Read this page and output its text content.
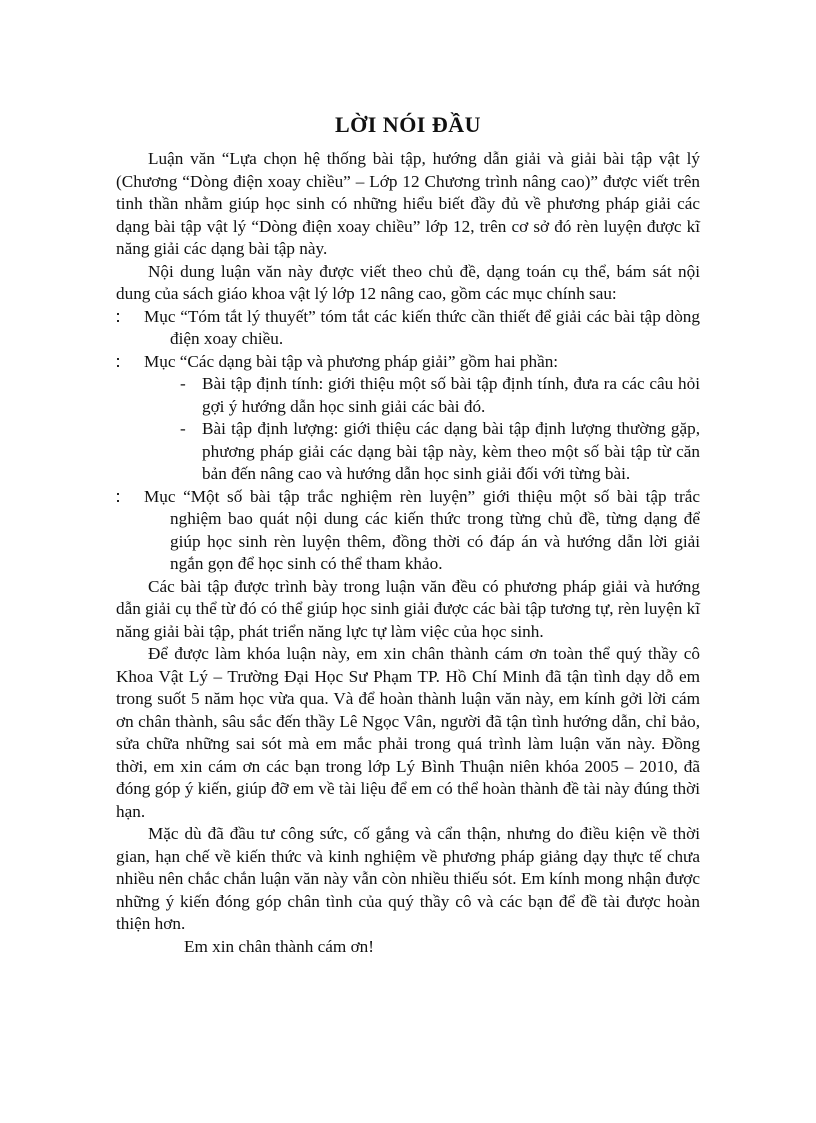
LỜI NÓI ĐẦU

Luận văn “Lựa chọn hệ thống bài tập, hướng dẫn giải và giải bài tập vật lý (Chương “Dòng điện xoay chiều” – Lớp 12 Chương trình nâng cao)” được viết trên tinh thần nhằm giúp học sinh có những hiểu biết đầy đủ về phương pháp giải các dạng bài tập vật lý “Dòng điện xoay chiều” lớp 12, trên cơ sở đó rèn luyện được kĩ năng giải các dạng bài tập này.

Nội dung luận văn này được viết theo chủ đề, dạng toán cụ thể, bám sát nội dung của sách giáo khoa vật lý lớp 12 nâng cao, gồm các mục chính sau:

Mục “Tóm tắt lý thuyết” tóm tắt các kiến thức cần thiết để giải các bài tập dòng điện xoay chiều.
Mục “Các dạng bài tập và phương pháp giải” gồm hai phần:
- Bài tập định tính: giới thiệu một số bài tập định tính, đưa ra các câu hỏi gợi ý hướng dẫn học sinh giải các bài đó.
- Bài tập định lượng: giới thiệu các dạng bài tập định lượng thường gặp, phương pháp giải các dạng bài tập này, kèm theo một số bài tập từ căn bản đến nâng cao và hướng dẫn học sinh giải đối với từng bài.
Mục “Một số bài tập trắc nghiệm rèn luyện” giới thiệu một số bài tập trắc nghiệm bao quát nội dung các kiến thức trong từng chủ đề, từng dạng để giúp học sinh rèn luyện thêm, đồng thời có đáp án và hướng dẫn lời giải ngắn gọn để học sinh có thể tham khảo.

Các bài tập được trình bày trong luận văn đều có phương pháp giải và hướng dẫn giải cụ thể từ đó có thể giúp học sinh giải được các bài tập tương tự, rèn luyện kĩ năng giải bài tập, phát triển năng lực tự làm việc của học sinh.

Để được làm khóa luận này, em xin chân thành cám ơn toàn thể quý thầy cô Khoa Vật Lý – Trường Đại Học Sư Phạm TP. Hồ Chí Minh đã tận tình dạy dỗ em trong suốt 5 năm học vừa qua. Và để hoàn thành luận văn này, em kính gởi lời cám ơn chân thành, sâu sắc đến thầy Lê Ngọc Vân, người đã tận tình hướng dẫn, chỉ bảo, sửa chữa những sai sót mà em mắc phải trong quá trình làm luận văn này. Đồng thời, em xin cám ơn các bạn trong lớp Lý Bình Thuận niên khóa 2005 – 2010, đã đóng góp ý kiến, giúp đỡ em về tài liệu để em có thể hoàn thành đề tài này đúng thời hạn.

Mặc dù đã đầu tư công sức, cố gắng và cẩn thận, nhưng do điều kiện về thời gian, hạn chế về kiến thức và kinh nghiệm về phương pháp giảng dạy thực tế chưa nhiều nên chắc chắn luận văn này vẫn còn nhiều thiếu sót. Em kính mong nhận được những ý kiến đóng góp chân tình của quý thầy cô và các bạn để đề tài được hoàn thiện hơn.

Em xin chân thành cám ơn!
